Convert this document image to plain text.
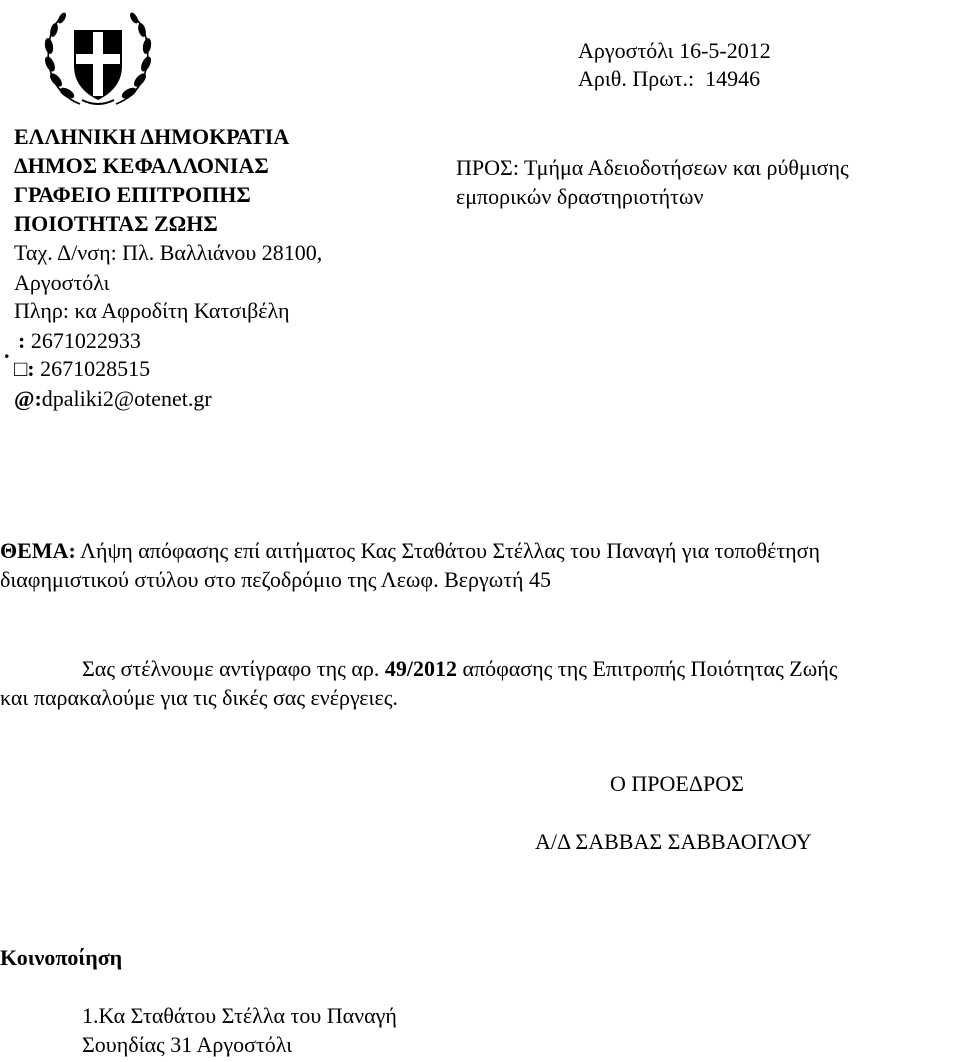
ΕΛΛΗΝΙΚΗ ΔΗΜΟΚΡΑΤΙΑ
ΔΗΜΟΣ ΚΕΦΑΛΛΟΝΙΑΣ
ΓΡΑΦΕΙΟ ΕΠΙΤΡΟΠΗΣ
ΠΟΙΟΤΗΤΑΣ ΖΩΗΣ
Ταχ. Δ/νση: Πλ. Βαλλιάνου 28100,
Αργοστόλι
Πληρ: κα Αφροδίτη Κατσιβέλη
. : 2671022933
□: 2671028515
@:dpaliki2@otenet.gr
Αργοστόλι 16-5-2012
Αριθ. Πρωτ.:  14946
ΠΡΟΣ: Τμήμα Αδειοδοτήσεων και ρύθμισης
εμπορικών δραστηριοτήτων
ΘΕΜΑ: Λήψη απόφασης επί αιτήματος Κας Σταθάτου Στέλλας του Παναγή για τοποθέτηση
διαφημιστικού στύλου στο πεζοδρόμιο της Λεωφ. Βεργωτή 45
Σας στέλνουμε αντίγραφο της αρ. 49/2012 απόφασης της Επιτροπής Ποιότητας Ζωής
και παρακαλούμε για τις δικές σας ενέργειες.
Ο ΠΡΟΕΔΡΟΣ
Α/Δ ΣΑΒΒΑΣ ΣΑΒΒΑΟΓΛΟΥ
Κοινοποίηση
1.Κα Σταθάτου Στέλλα του Παναγή
Σουηδίας 31 Αργοστόλι
